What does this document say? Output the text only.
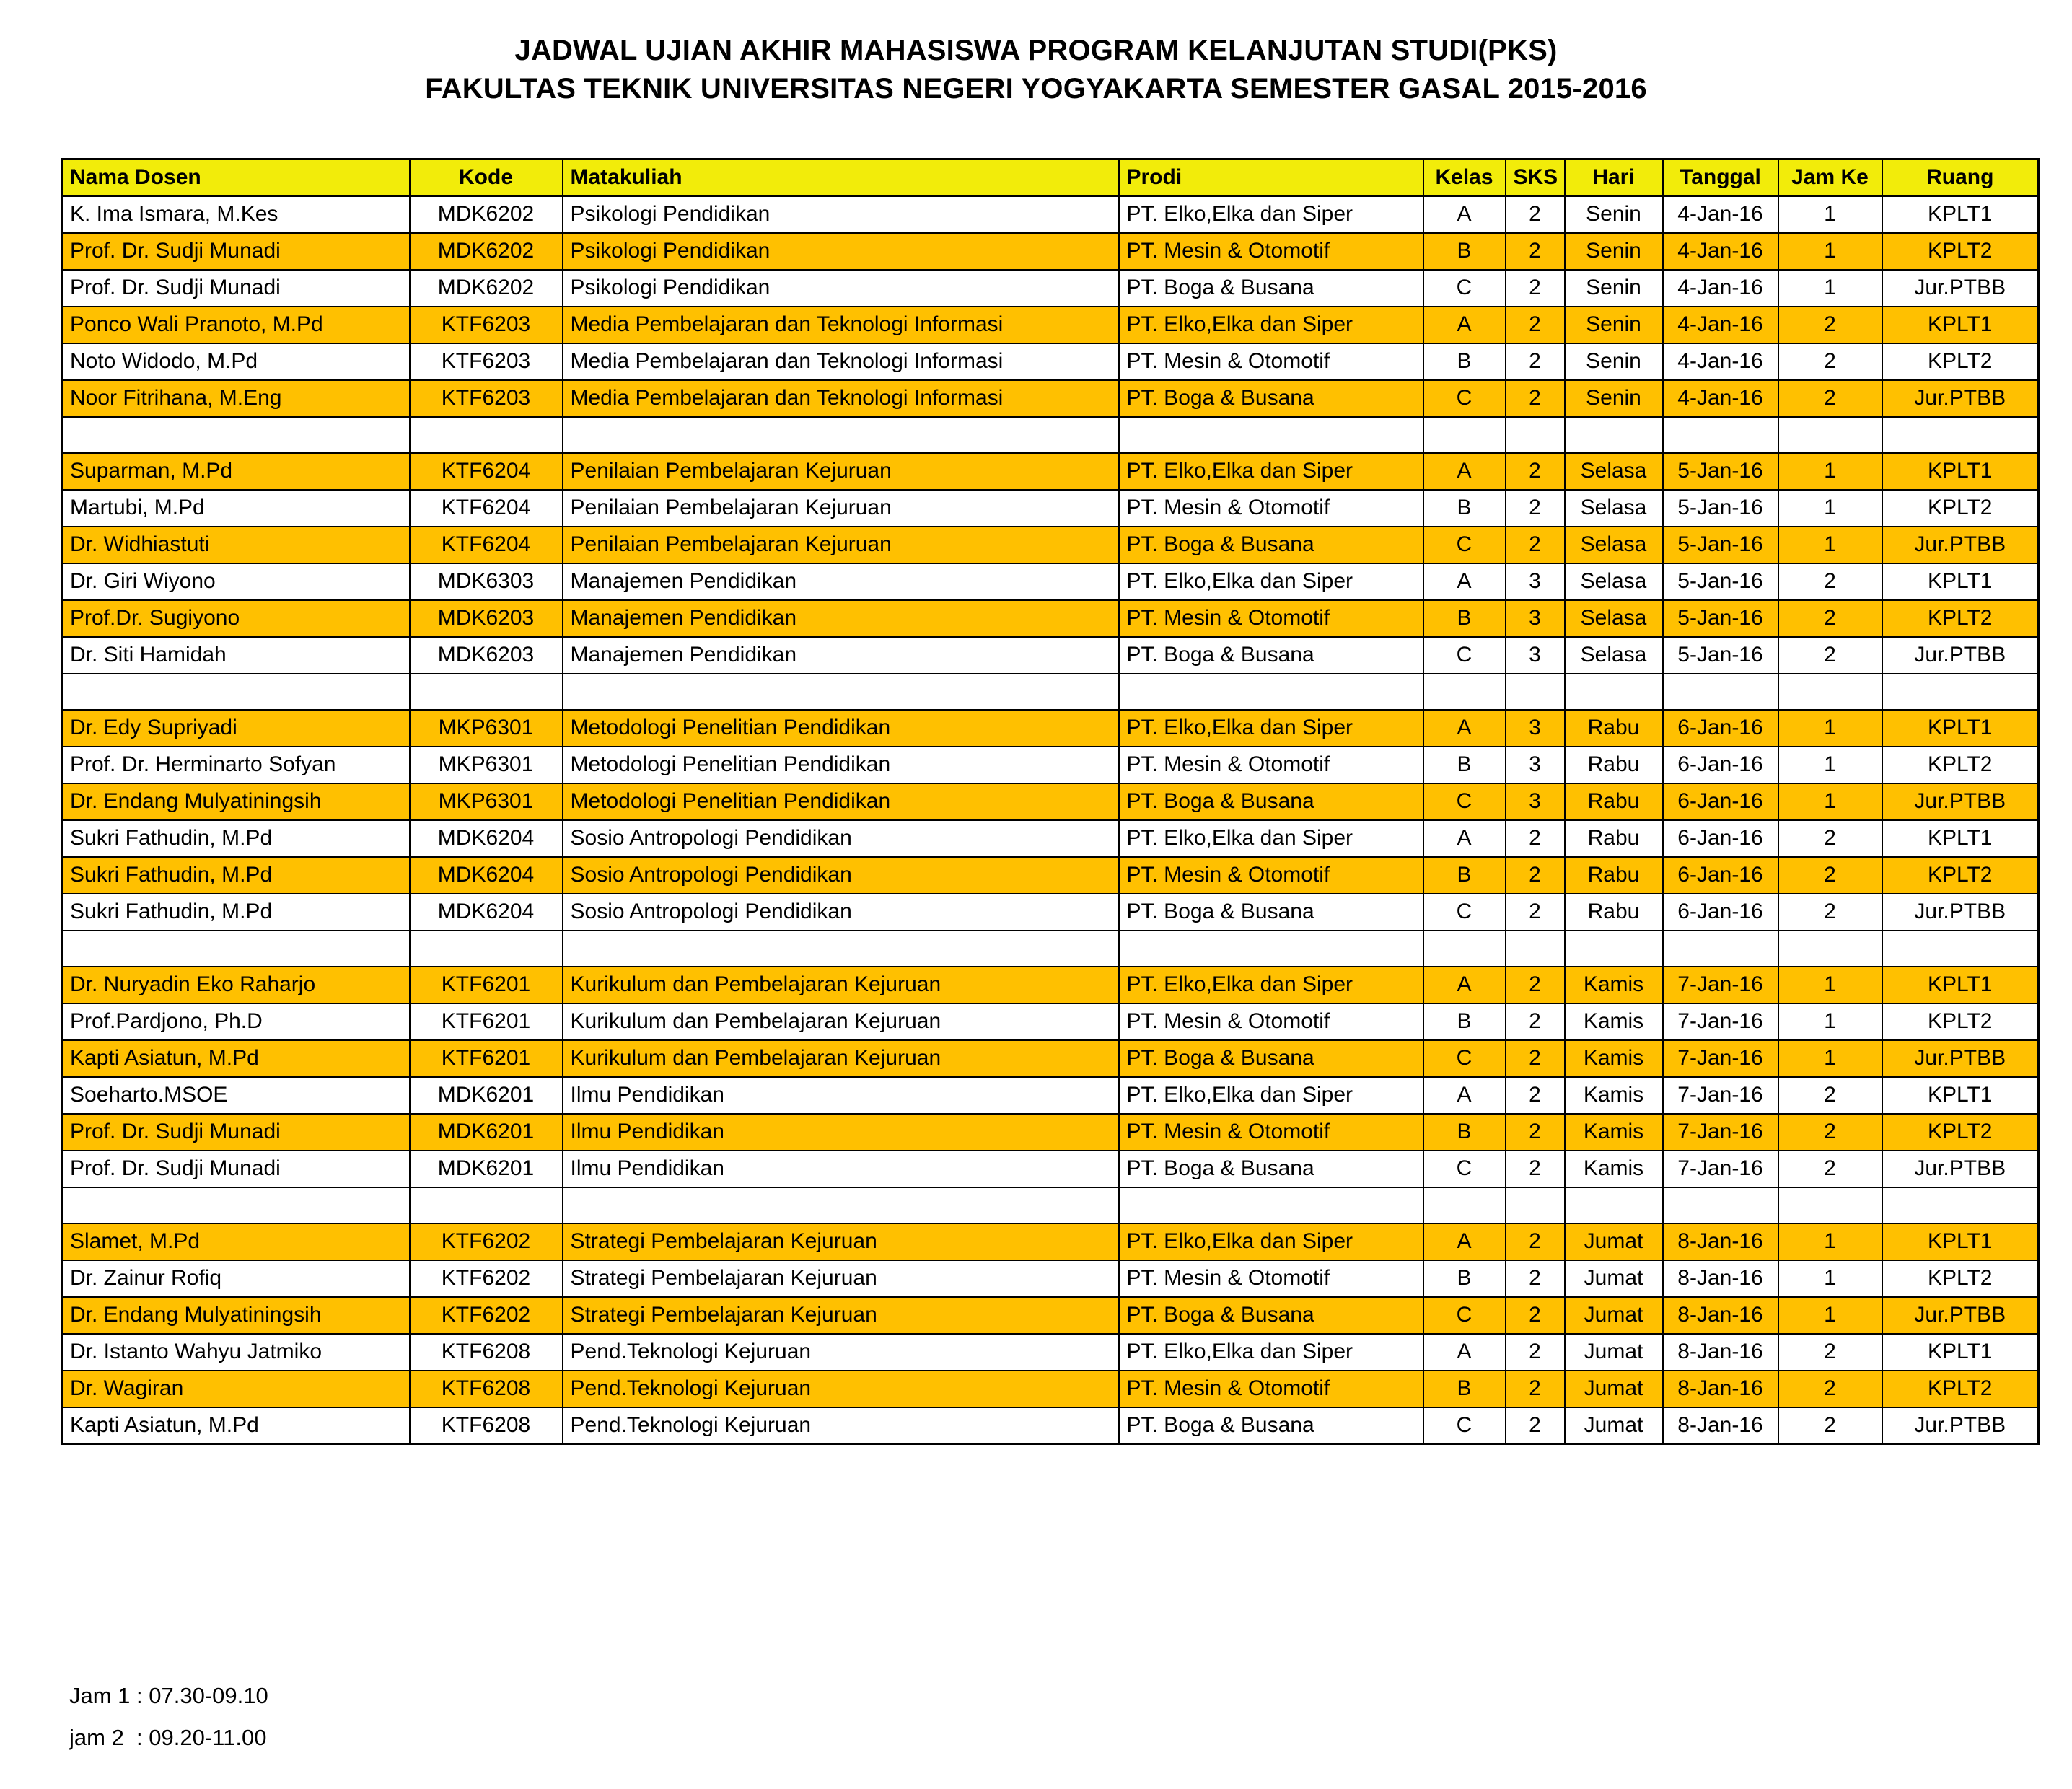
JADWAL UJIAN AKHIR MAHASISWA PROGRAM KELANJUTAN STUDI(PKS)
FAKULTAS TEKNIK UNIVERSITAS NEGERI YOGYAKARTA SEMESTER GASAL 2015-2016
Nama Dosen	Kode	Matakuliah	Prodi	Kelas	SKS	Hari	Tanggal	Jam Ke	Ruang
K. Ima Ismara, M.Kes	MDK6202	Psikologi Pendidikan	PT. Elko,Elka dan Siper	A	2	Senin	4-Jan-16	1	KPLT1
Prof. Dr. Sudji Munadi	MDK6202	Psikologi Pendidikan	PT. Mesin & Otomotif	B	2	Senin	4-Jan-16	1	KPLT2
Prof. Dr. Sudji Munadi	MDK6202	Psikologi Pendidikan	PT. Boga & Busana	C	2	Senin	4-Jan-16	1	Jur.PTBB
Ponco Wali Pranoto, M.Pd	KTF6203	Media Pembelajaran dan Teknologi Informasi	PT. Elko,Elka dan Siper	A	2	Senin	4-Jan-16	2	KPLT1
Noto Widodo, M.Pd	KTF6203	Media Pembelajaran dan Teknologi Informasi	PT. Mesin & Otomotif	B	2	Senin	4-Jan-16	2	KPLT2
Noor Fitrihana, M.Eng	KTF6203	Media Pembelajaran dan Teknologi Informasi	PT. Boga & Busana	C	2	Senin	4-Jan-16	2	Jur.PTBB

Suparman, M.Pd	KTF6204	Penilaian Pembelajaran Kejuruan	PT. Elko,Elka dan Siper	A	2	Selasa	5-Jan-16	1	KPLT1
Martubi, M.Pd	KTF6204	Penilaian Pembelajaran Kejuruan	PT. Mesin & Otomotif	B	2	Selasa	5-Jan-16	1	KPLT2
Dr. Widhiastuti	KTF6204	Penilaian Pembelajaran Kejuruan	PT. Boga & Busana	C	2	Selasa	5-Jan-16	1	Jur.PTBB
Dr. Giri Wiyono	MDK6303	Manajemen Pendidikan	PT. Elko,Elka dan Siper	A	3	Selasa	5-Jan-16	2	KPLT1
Prof.Dr. Sugiyono	MDK6203	Manajemen Pendidikan	PT. Mesin & Otomotif	B	3	Selasa	5-Jan-16	2	KPLT2
Dr. Siti Hamidah	MDK6203	Manajemen Pendidikan	PT. Boga & Busana	C	3	Selasa	5-Jan-16	2	Jur.PTBB

Dr. Edy Supriyadi	MKP6301	Metodologi Penelitian Pendidikan	PT. Elko,Elka dan Siper	A	3	Rabu	6-Jan-16	1	KPLT1
Prof. Dr. Herminarto Sofyan	MKP6301	Metodologi Penelitian Pendidikan	PT. Mesin & Otomotif	B	3	Rabu	6-Jan-16	1	KPLT2
Dr. Endang Mulyatiningsih	MKP6301	Metodologi Penelitian Pendidikan	PT. Boga & Busana	C	3	Rabu	6-Jan-16	1	Jur.PTBB
Sukri Fathudin, M.Pd	MDK6204	Sosio Antropologi Pendidikan	PT. Elko,Elka dan Siper	A	2	Rabu	6-Jan-16	2	KPLT1
Sukri Fathudin, M.Pd	MDK6204	Sosio Antropologi Pendidikan	PT. Mesin & Otomotif	B	2	Rabu	6-Jan-16	2	KPLT2
Sukri Fathudin, M.Pd	MDK6204	Sosio Antropologi Pendidikan	PT. Boga & Busana	C	2	Rabu	6-Jan-16	2	Jur.PTBB

Dr. Nuryadin Eko Raharjo	KTF6201	Kurikulum dan Pembelajaran Kejuruan	PT. Elko,Elka dan Siper	A	2	Kamis	7-Jan-16	1	KPLT1
Prof.Pardjono, Ph.D	KTF6201	Kurikulum dan Pembelajaran Kejuruan	PT. Mesin & Otomotif	B	2	Kamis	7-Jan-16	1	KPLT2
Kapti Asiatun, M.Pd	KTF6201	Kurikulum dan Pembelajaran Kejuruan	PT. Boga & Busana	C	2	Kamis	7-Jan-16	1	Jur.PTBB
Soeharto.MSOE	MDK6201	Ilmu Pendidikan	PT. Elko,Elka dan Siper	A	2	Kamis	7-Jan-16	2	KPLT1
Prof. Dr. Sudji Munadi	MDK6201	Ilmu Pendidikan	PT. Mesin & Otomotif	B	2	Kamis	7-Jan-16	2	KPLT2
Prof. Dr. Sudji Munadi	MDK6201	Ilmu Pendidikan	PT. Boga & Busana	C	2	Kamis	7-Jan-16	2	Jur.PTBB

Slamet, M.Pd	KTF6202	Strategi Pembelajaran Kejuruan	PT. Elko,Elka dan Siper	A	2	Jumat	8-Jan-16	1	KPLT1
Dr. Zainur Rofiq	KTF6202	Strategi Pembelajaran Kejuruan	PT. Mesin & Otomotif	B	2	Jumat	8-Jan-16	1	KPLT2
Dr. Endang Mulyatiningsih	KTF6202	Strategi Pembelajaran Kejuruan	PT. Boga & Busana	C	2	Jumat	8-Jan-16	1	Jur.PTBB
Dr. Istanto Wahyu Jatmiko	KTF6208	Pend.Teknologi Kejuruan	PT. Elko,Elka dan Siper	A	2	Jumat	8-Jan-16	2	KPLT1
Dr. Wagiran	KTF6208	Pend.Teknologi Kejuruan	PT. Mesin & Otomotif	B	2	Jumat	8-Jan-16	2	KPLT2
Kapti Asiatun, M.Pd	KTF6208	Pend.Teknologi Kejuruan	PT. Boga & Busana	C	2	Jumat	8-Jan-16	2	Jur.PTBB
Jam 1 : 07.30-09.10
jam 2  : 09.20-11.00
